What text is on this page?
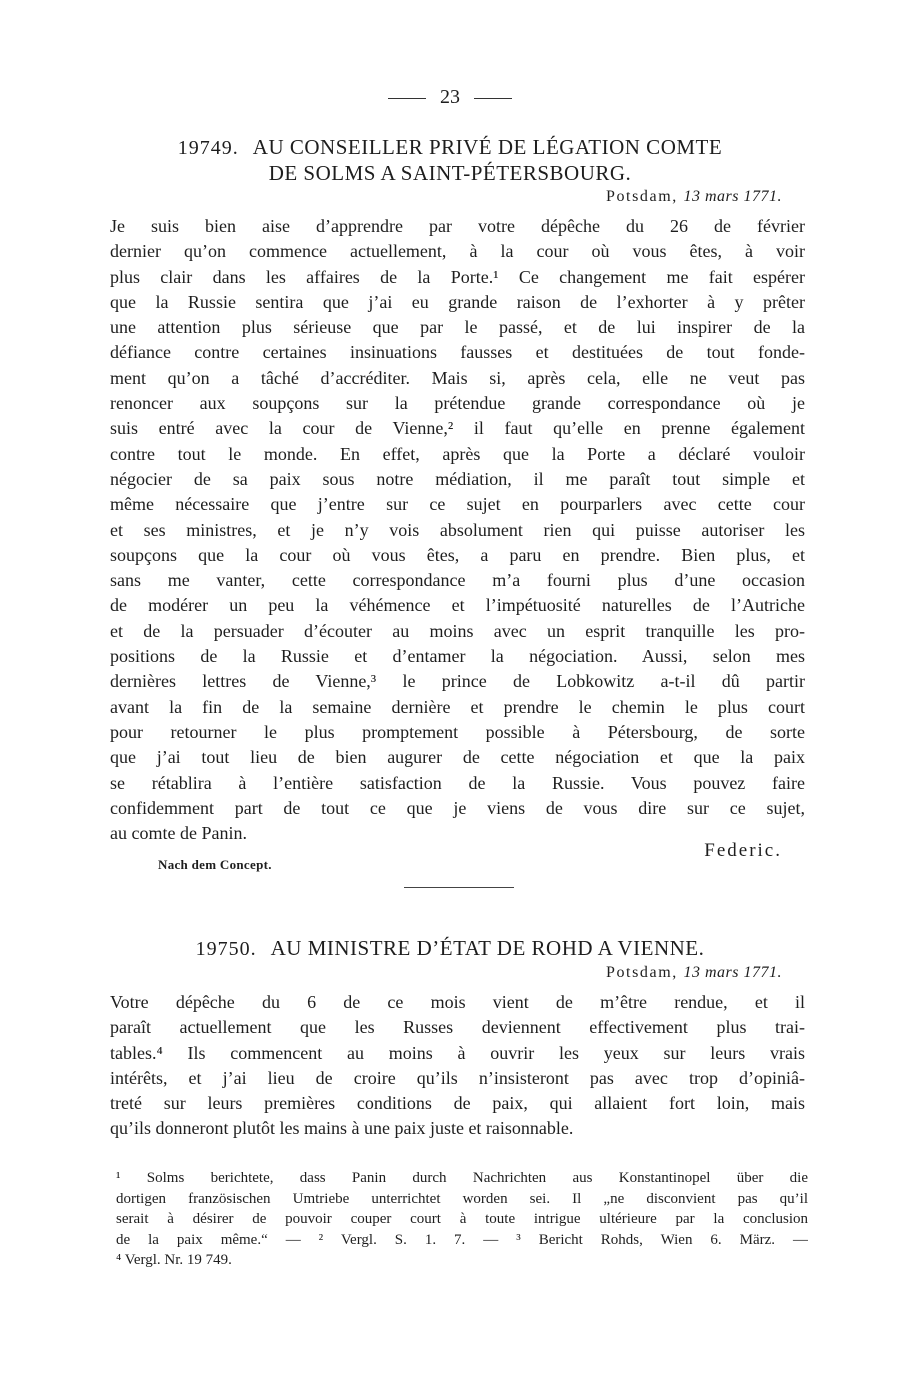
23
19749. AU CONSEILLER PRIVÉ DE LÉGATION COMTE
DE SOLMS A SAINT-PÉTERSBOURG.
Potsdam, 13 mars 1771.
Je suis bien aise d’apprendre par votre dépêche du 26 de février
dernier qu’on commence actuellement, à la cour où vous êtes, à voir
plus clair dans les affaires de la Porte.¹ Ce changement me fait espérer
que la Russie sentira que j’ai eu grande raison de l’exhorter à y prêter
une attention plus sérieuse que par le passé, et de lui inspirer de la
défiance contre certaines insinuations fausses et destituées de tout fonde-
ment qu’on a tâché d’accréditer. Mais si, après cela, elle ne veut pas
renoncer aux soupçons sur la prétendue grande correspondance où je
suis entré avec la cour de Vienne,² il faut qu’elle en prenne également
contre tout le monde. En effet, après que la Porte a déclaré vouloir
négocier de sa paix sous notre médiation, il me paraît tout simple et
même nécessaire que j’entre sur ce sujet en pourparlers avec cette cour
et ses ministres, et je n’y vois absolument rien qui puisse autoriser les
soupçons que la cour où vous êtes, a paru en prendre. Bien plus, et
sans me vanter, cette correspondance m’a fourni plus d’une occasion
de modérer un peu la véhémence et l’impétuosité naturelles de l’Autriche
et de la persuader d’écouter au moins avec un esprit tranquille les pro-
positions de la Russie et d’entamer la négociation. Aussi, selon mes
dernières lettres de Vienne,³ le prince de Lobkowitz a-t-il dû partir
avant la fin de la semaine dernière et prendre le chemin le plus court
pour retourner le plus promptement possible à Pétersbourg, de sorte
que j’ai tout lieu de bien augurer de cette négociation et que la paix
se rétablira à l’entière satisfaction de la Russie. Vous pouvez faire
confidemment part de tout ce que je viens de vous dire sur ce sujet,
au comte de Panin.
Federic.
Nach dem Concept.
19750. AU MINISTRE D’ÉTAT DE ROHD A VIENNE.
Potsdam, 13 mars 1771.
Votre dépêche du 6 de ce mois vient de m’être rendue, et il
paraît actuellement que les Russes deviennent effectivement plus trai-
tables.⁴ Ils commencent au moins à ouvrir les yeux sur leurs vrais
intérêts, et j’ai lieu de croire qu’ils n’insisteront pas avec trop d’opiniâ-
treté sur leurs premières conditions de paix, qui allaient fort loin, mais
qu’ils donneront plutôt les mains à une paix juste et raisonnable.
¹ Solms berichtete, dass Panin durch Nachrichten aus Konstantinopel über die
dortigen französischen Umtriebe unterrichtet worden sei. Il „ne disconvient pas qu’il
serait à désirer de pouvoir couper court à toute intrigue ultérieure par la conclusion
de la paix même.“ — ² Vergl. S. 1. 7. — ³ Bericht Rohds, Wien 6. März. —
⁴ Vergl. Nr. 19 749.
